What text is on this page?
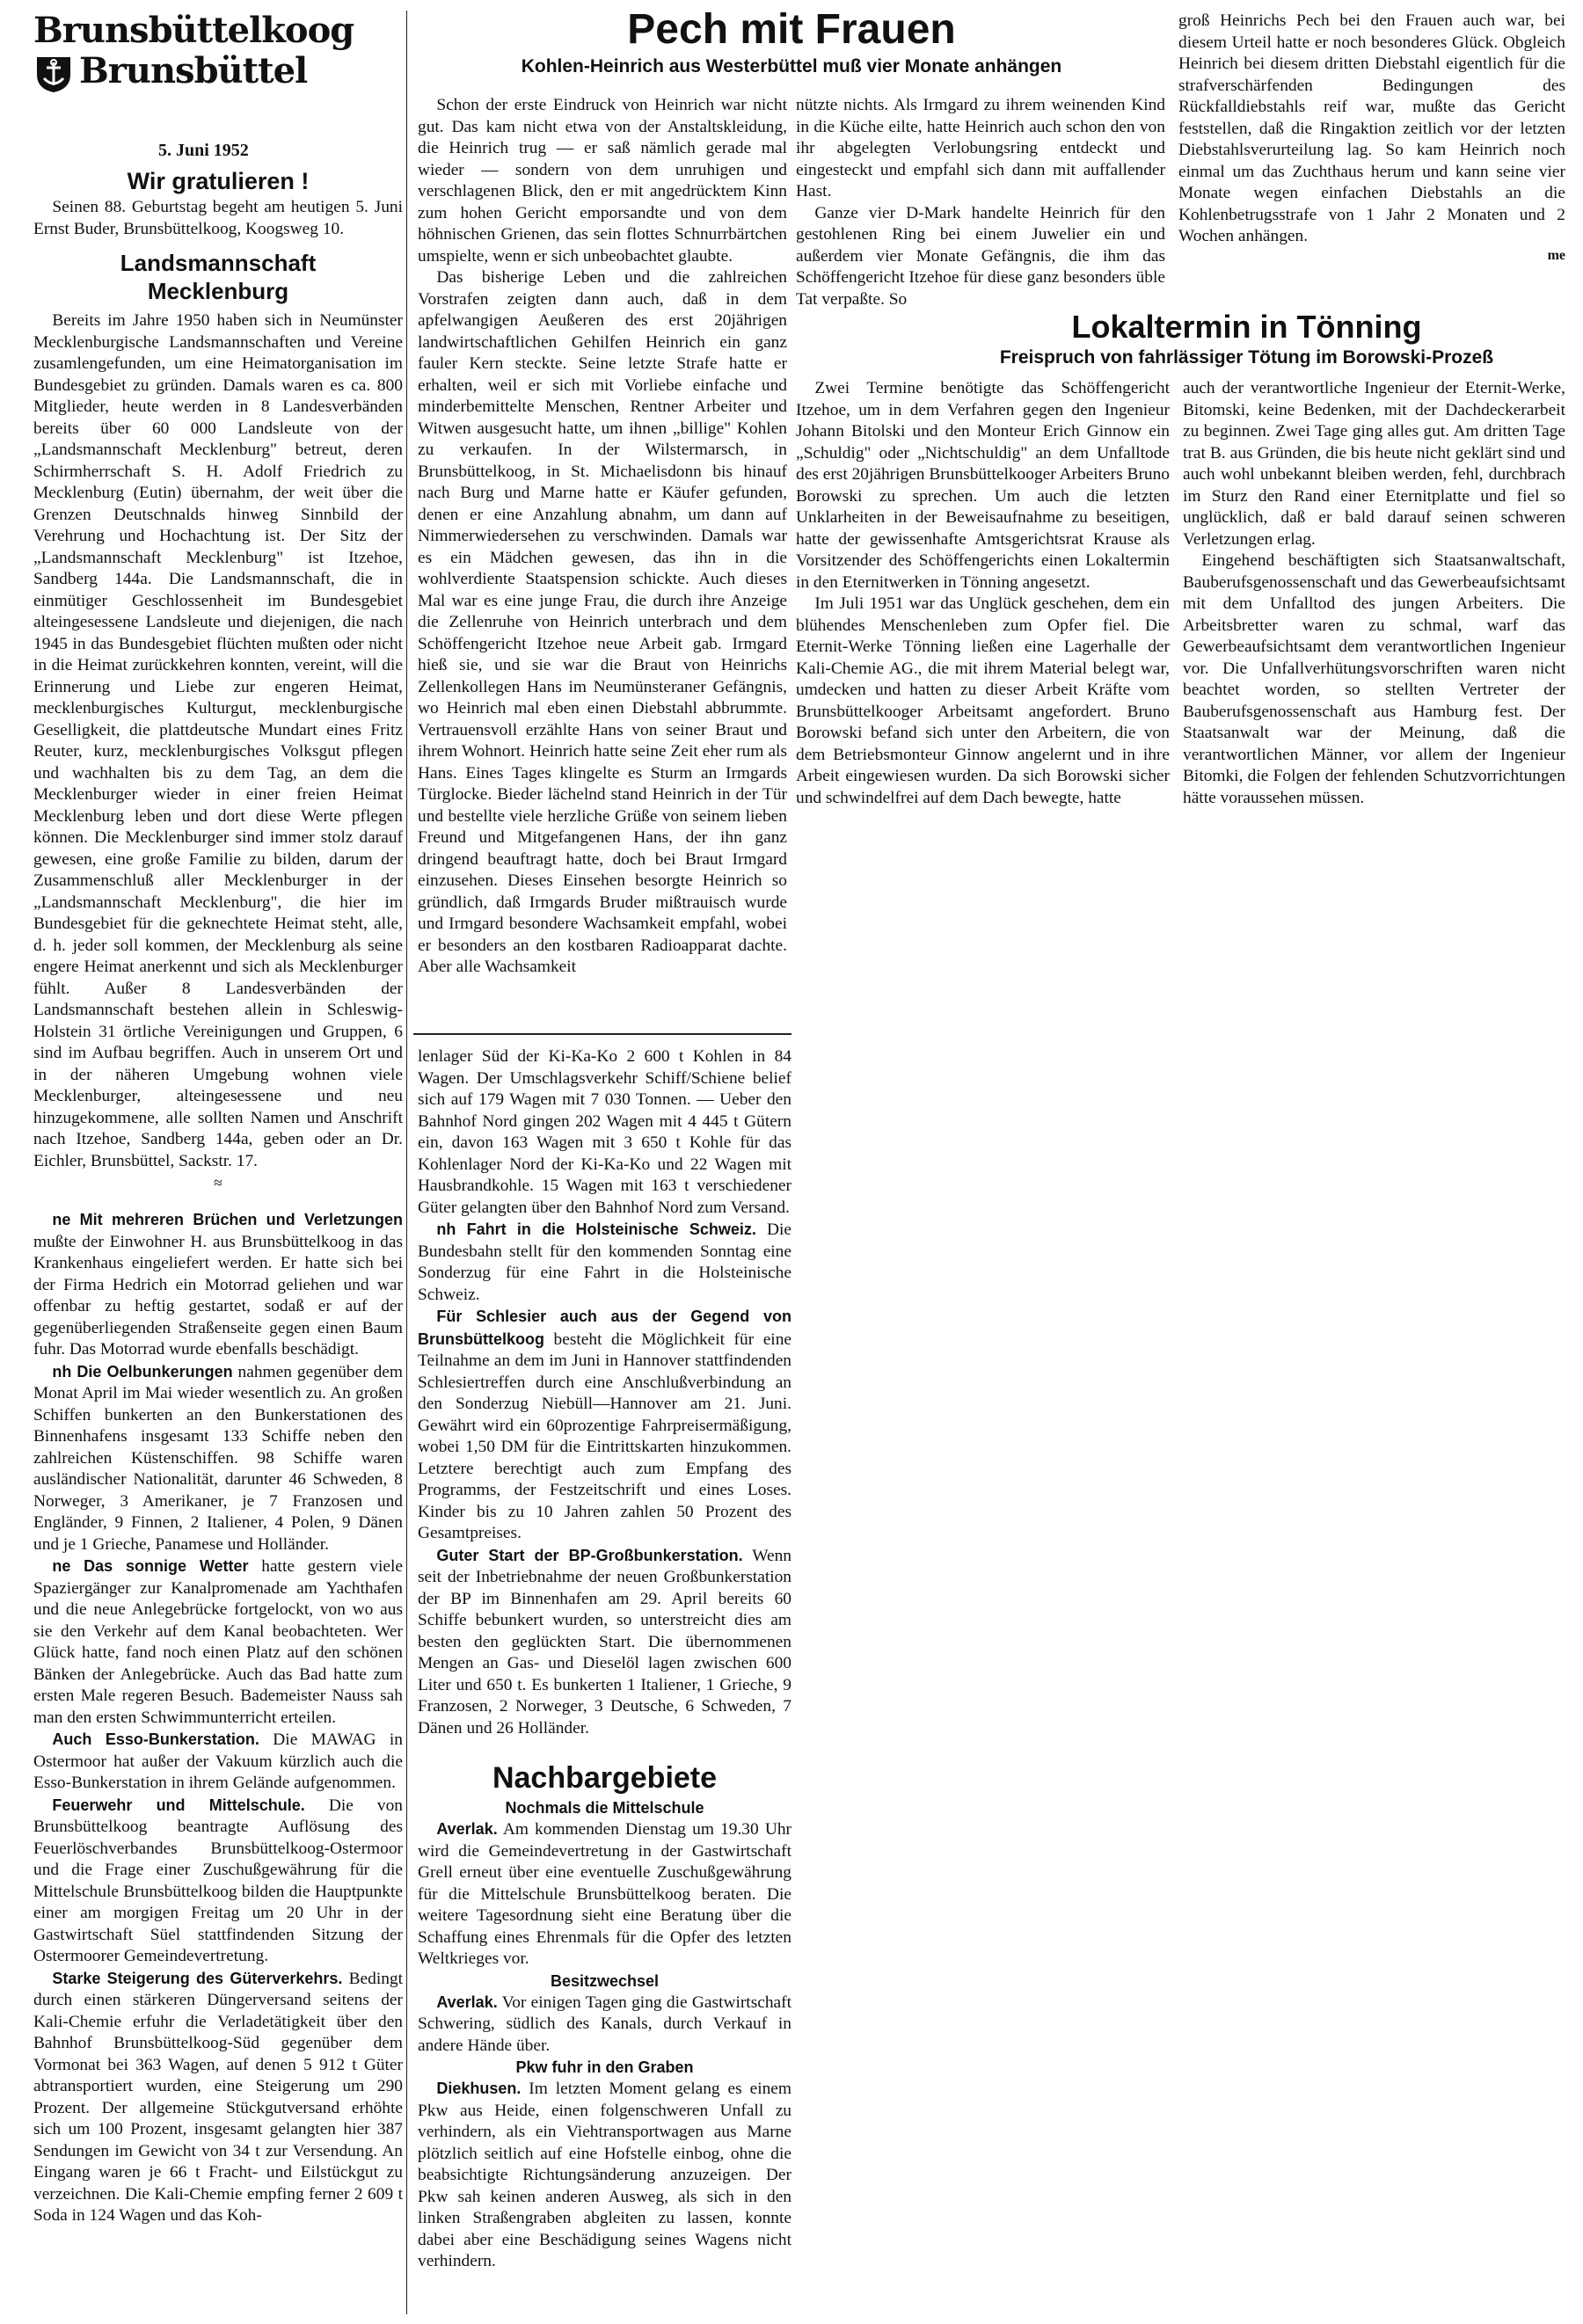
Brunsbüttelkoog
Brunsbüttel
5. Juni 1952
Wir gratulieren !

Seinen 88. Geburtstag begeht am heutigen 5. Juni Ernst Buder, Brunsbüttelkoog, Koogsweg 10.

Landsmannschaft Mecklenburg

Bereits im Jahre 1950 haben sich in Neumünster Mecklenburgische Landsmannschaften und Vereine zusamlengefunden, um eine Heimatorganisation im Bundesgebiet zu gründen. Damals waren es ca. 800 Mitglieder, heute werden in 8 Landesverbänden bereits über 60 000 Landsleute von der „Landsmannschaft Mecklenburg" betreut, deren Schirmherrschaft S. H. Adolf Friedrich zu Mecklenburg (Eutin) übernahm, der weit über die Grenzen Deutschnalds hinweg Sinnbild der Verehrung und Hochachtung ist. Der Sitz der „Landsmannschaft Mecklenburg" ist Itzehoe, Sandberg 144a. Die Landsmannschaft, die in einmütiger Geschlossenheit im Bundesgebiet alteingesessene Landsleute und diejenigen, die nach 1945 in das Bundesgebiet flüchten mußten oder nicht in die Heimat zurückkehren konnten, vereint, will die Erinnerung und Liebe zur engeren Heimat, mecklenburgisches Kulturgut, mecklenburgische Geselligkeit, die plattdeutsche Mundart eines Fritz Reuter, kurz, mecklenburgisches Volksgut pflegen und wachhalten bis zu dem Tag, an dem die Mecklenburger wieder in einer freien Heimat Mecklenburg leben und dort diese Werte pflegen können. Die Mecklenburger sind immer stolz darauf gewesen, eine große Familie zu bilden, darum der Zusammenschluß aller Mecklenburger in der „Landsmannschaft Mecklenburg", die hier im Bundesgebiet für die geknechtete Heimat steht, alle, d. h. jeder soll kommen, der Mecklenburg als seine engere Heimat anerkennt und sich als Mecklenburger fühlt. Außer 8 Landesverbänden der Landsmannschaft bestehen allein in Schleswig-Holstein 31 örtliche Vereinigungen und Gruppen, 6 sind im Aufbau begriffen. Auch in unserem Ort und in der näheren Umgebung wohnen viele Mecklenburger, alteingesessene und neu hinzugekommene, alle sollten Namen und Anschrift nach Itzehoe, Sandberg 144a, geben oder an Dr. Eichler, Brunsbüttel, Sackstr. 17.

≈
Pech mit Frauen
Kohlen-Heinrich aus Westerbüttel muß vier Monate anhängen

Schon der erste Eindruck von Heinrich war nicht gut. Das kam nicht etwa von der Anstaltskleidung, die Heinrich trug — er saß nämlich gerade mal wieder — sondern von dem unruhigen und verschlagenen Blick, den er mit angedrücktem Kinn zum hohen Gericht emporsandte und von dem höhnischen Grienen, das sein flottes Schnurrbärtchen umspielte, wenn er sich unbeobachtet glaubte.

Das bisherige Leben und die zahlreichen Vorstrafen zeigten dann auch, daß in dem apfelwangigen Aeußeren des erst 20jährigen landwirtschaftlichen Gehilfen Heinrich ein ganz fauler Kern steckte. Seine letzte Strafe hatte er erhalten, weil er sich mit Vorliebe einfache und minderbemittelte Menschen, Rentner Arbeiter und Witwen ausgesucht hatte, um ihnen „billige" Kohlen zu verkaufen. In der Wilstermarsch, in Brunsbüttelkoog, in St. Michaelisdonn bis hinauf nach Burg und Marne hatte er Käufer gefunden, denen er eine Anzahlung abnahm, um dann auf Nimmerwiedersehen zu verschwinden. Damals war es ein Mädchen gewesen, das ihn in die wohlverdiente Staatspension schickte. Auch dieses Mal war es eine junge Frau, die durch ihre Anzeige die Zellenruhe von Heinrich unterbrach und dem Schöffengericht Itzehoe neue Arbeit gab. Irmgard hieß sie, und sie war die Braut von Heinrichs Zellenkollegen Hans im Neumünsteraner Gefängnis, wo Heinrich mal eben einen Diebstahl abbrummte. Vertrauensvoll erzählte Hans von seiner Braut und ihrem Wohnort. Heinrich hatte seine Zeit eher rum als Hans. Eines Tages klingelte es Sturm an Irmgards Türglocke. Bieder lächelnd stand Heinrich in der Tür und bestellte viele herzliche Grüße von seinem lieben Freund und Mitgefangenen Hans, der ihn ganz dringend beauftragt hatte, doch bei Braut Irmgard einzusehen. Dieses Einsehen besorgte Heinrich so gründlich, daß Irmgards Bruder mißtrauisch wurde und Irmgard besondere Wachsamkeit empfahl, wobei er besonders an den kostbaren Radioapparat dachte. Aber alle Wachsamkeit

nützte nichts. Als Irmgard zu ihrem weinenden Kind in die Küche eilte, hatte Heinrich auch schon den von ihr abgelegten Verlobungsring entdeckt und eingesteckt und empfahl sich dann mit auffallender Hast.

Ganze vier D-Mark handelte Heinrich für den gestohlenen Ring bei einem Juwelier ein und außerdem vier Monate Gefängnis, die ihm das Schöffengericht Itzehoe für diese ganz besonders üble Tat verpaßte. So

groß Heinrichs Pech bei den Frauen auch war, bei diesem Urteil hatte er noch besonderes Glück. Obgleich Heinrich bei diesem dritten Diebstahl eigentlich für die strafverschärfenden Bedingungen des Rückfalldiebstahls reif war, mußte das Gericht feststellen, daß die Ringaktion zeitlich vor der letzten Diebstahlsverurteilung lag. So kam Heinrich noch einmal um das Zuchthaus herum und kann seine vier Monate wegen einfachen Diebstahls an die Kohlenbetrugsstrafe von 1 Jahr 2 Monaten und 2 Wochen anhängen.

me
Lokaltermin in Tönning
Freispruch von fahrlässiger Tötung im Borowski-Prozeß

Zwei Termine benötigte das Schöffengericht Itzehoe, um in dem Verfahren gegen den Ingenieur Johann Bitolski und den Monteur Erich Ginnow ein „Schuldig" oder „Nichtschuldig" an dem Unfalltode des erst 20jährigen Brunsbüttelkooger Arbeiters Bruno Borowski zu sprechen. Um auch die letzten Unklarheiten in der Beweisaufnahme zu beseitigen, hatte der gewissenhafte Amtsgerichtsrat Krause als Vorsitzender des Schöffengerichts einen Lokaltermin in den Eternitwerken in Tönning angesetzt.

Im Juli 1951 war das Unglück geschehen, dem ein blühendes Menschenleben zum Opfer fiel. Die Eternit-Werke Tönning ließen eine Lagerhalle der Kali-Chemie AG., die mit ihrem Material belegt war, umdecken und hatten zu dieser Arbeit Kräfte vom Brunsbüttelkooger Arbeitsamt angefordert. Bruno Borowski befand sich unter den Arbeitern, die von dem Betriebsmonteur Ginnow angelernt und in ihre Arbeit eingewiesen wurden. Da sich Borowski sicher und schwindelfrei auf dem Dach bewegte, hatte

auch der verantwortliche Ingenieur der Eternit-Werke, Bitomski, keine Bedenken, mit der Dachdeckerarbeit zu beginnen. Zwei Tage ging alles gut. Am dritten Tage trat B. aus Gründen, die bis heute nicht geklärt sind und auch wohl unbekannt bleiben werden, fehl, durchbrach im Sturz den Rand einer Eternitplatte und fiel so unglücklich, daß er bald darauf seinen schweren Verletzungen erlag.

Eingehend beschäftigten sich Staatsanwaltschaft, Bauberufsgenossenschaft und das Gewerbeaufsichtsamt mit dem Unfalltod des jungen Arbeiters. Die Arbeitsbretter waren zu schmal, warf das Gewerbeaufsichtsamt dem verantwortlichen Ingenieur vor. Die Unfallverhütungsvorschriften waren nicht beachtet worden, so stellten Vertreter der Bauberufsgenossenschaft aus Hamburg fest. Der Staatsanwalt war der Meinung, daß die verantwortlichen Männer, vor allem der Ingenieur Bitomki, die Folgen der fehlenden Schutzvorrichtungen hätte voraussehen müssen.

ne Mit mehreren Brüchen und Verletzungen mußte der Einwohner H. aus Brunsbüttelkoog in das Krankenhaus eingeliefert werden. Er hatte sich bei der Firma Hedrich ein Motorrad geliehen und war offenbar zu heftig gestartet, sodaß er auf der gegenüberliegenden Straßenseite gegen einen Baum fuhr. Das Motorrad wurde ebenfalls beschädigt.

nh Die Oelbunkerungen nahmen gegenüber dem Monat April im Mai wieder wesentlich zu. An großen Schiffen bunkerten an den Bunkerstationen des Binnenhafens insgesamt 133 Schiffe neben den zahlreichen Küstenschiffen. 98 Schiffe waren ausländischer Nationalität, darunter 46 Schweden, 8 Norweger, 3 Amerikaner, je 7 Franzosen und Engländer, 9 Finnen, 2 Italiener, 4 Polen, 9 Dänen und je 1 Grieche, Panamese und Holländer.

ne Das sonnige Wetter hatte gestern viele Spaziergänger zur Kanalpromenade am Yachthafen und die neue Anlegebrücke fortgelockt, von wo aus sie den Verkehr auf dem Kanal beobachteten. Wer Glück hatte, fand noch einen Platz auf den schönen Bänken der Anlegebrücke. Auch das Bad hatte zum ersten Male regeren Besuch. Bademeister Nauss sah man den ersten Schwimmunterricht erteilen.

Auch Esso-Bunkerstation. Die MAWAG in Ostermoor hat außer der Vakuum kürzlich auch die Esso-Bunkerstation in ihrem Gelände aufgenommen.

Feuerwehr und Mittelschule. Die von Brunsbüttelkoog beantragte Auflösung des Feuerlöschverbandes Brunsbüttelkoog-Ostermoor und die Frage einer Zuschußgewährung für die Mittelschule Brunsbüttelkoog bilden die Hauptpunkte einer am morgigen Freitag um 20 Uhr in der Gastwirtschaft Süel stattfindenden Sitzung der Ostermoorer Gemeindevertretung.

Starke Steigerung des Güterverkehrs. Bedingt durch einen stärkeren Düngerversand seitens der Kali-Chemie erfuhr die Verladetätigkeit über den Bahnhof Brunsbüttelkoog-Süd gegenüber dem Vormonat bei 363 Wagen, auf denen 5 912 t Güter abtransportiert wurden, eine Steigerung um 290 Prozent. Der allgemeine Stückgutversand erhöhte sich um 100 Prozent, insgesamt gelangten hier 387 Sendungen im Gewicht von 34 t zur Versendung. An Eingang waren je 66 t Fracht- und Eilstückgut zu verzeichnen. Die Kali-Chemie empfing ferner 2 609 t Soda in 124 Wagen und das Koh-

lenlager Süd der Ki-Ka-Ko 2 600 t Kohlen in 84 Wagen. Der Umschlagsverkehr Schiff/Schiene belief sich auf 179 Wagen mit 7 030 Tonnen. — Ueber den Bahnhof Nord gingen 202 Wagen mit 4 445 t Gütern ein, davon 163 Wagen mit 3 650 t Kohle für das Kohlenlager Nord der Ki-Ka-Ko und 22 Wagen mit Hausbrandkohle. 15 Wagen mit 163 t verschiedener Güter gelangten über den Bahnhof Nord zum Versand.

nh Fahrt in die Holsteinische Schweiz. Die Bundesbahn stellt für den kommenden Sonntag eine Sonderzug für eine Fahrt in die Holsteinische Schweiz.

Für Schlesier auch aus der Gegend von Brunsbüttelkoog besteht die Möglichkeit für eine Teilnahme an dem im Juni in Hannover stattfindenden Schlesiertreffen durch eine Anschlußverbindung an den Sonderzug Niebüll—Hannover am 21. Juni. Gewährt wird ein 60prozentige Fahrpreisermäßigung, wobei 1,50 DM für die Eintrittskarten hinzukommen. Letztere berechtigt auch zum Empfang des Programms, der Festzeitschrift und eines Loses. Kinder bis zu 10 Jahren zahlen 50 Prozent des Gesamtpreises.

Guter Start der BP-Großbunkerstation. Wenn seit der Inbetriebnahme der neuen Großbunkerstation der BP im Binnenhafen am 29. April bereits 60 Schiffe bebunkert wurden, so unterstreicht dies am besten den geglückten Start. Die übernommenen Mengen an Gas- und Dieselöl lagen zwischen 600 Liter und 650 t. Es bunkerten 1 Italiener, 1 Grieche, 9 Franzosen, 2 Norweger, 3 Deutsche, 6 Schweden, 7 Dänen und 26 Holländer.

Nachbargebiete
Nochmals die Mittelschule

Averlak. Am kommenden Dienstag um 19.30 Uhr wird die Gemeindevertretung in der Gastwirtschaft Grell erneut über eine eventuelle Zuschußgewährung für die Mittelschule Brunsbüttelkoog beraten. Die weitere Tagesordnung sieht eine Beratung über die Schaffung eines Ehrenmals für die Opfer des letzten Weltkrieges vor.

Besitzwechsel

Averlak. Vor einigen Tagen ging die Gastwirtschaft Schwering, südlich des Kanals, durch Verkauf in andere Hände über.

Pkw fuhr in den Graben

Diekhusen. Im letzten Moment gelang es einem Pkw aus Heide, einen folgenschweren Unfall zu verhindern, als ein Viehtransportwagen aus Marne plötzlich seitlich auf eine Hofstelle einbog, ohne die beabsichtigte Richtungsänderung anzuzeigen. Der Pkw sah keinen anderen Ausweg, als sich in den linken Straßengraben abgleiten zu lassen, konnte dabei aber eine Beschädigung seines Wagens nicht verhindern.
